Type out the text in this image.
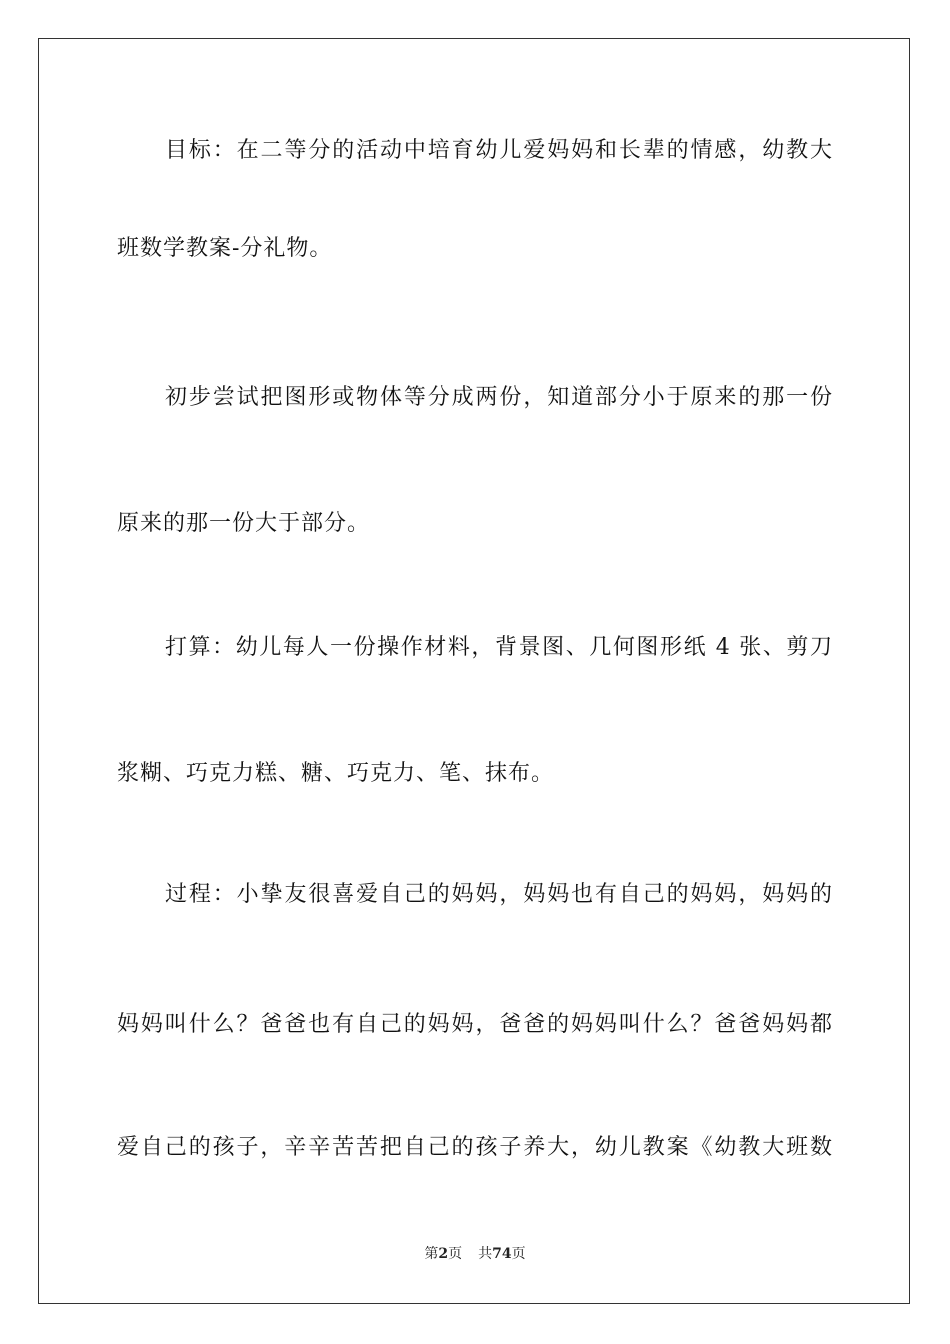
目标：在二等分的活动中培育幼儿爱妈妈和长辈的情感，幼教大
班数学教案-分礼物。
初步尝试把图形或物体等分成两份，知道部分小于原来的那一份
原来的那一份大于部分。
打算：幼儿每人一份操作材料，背景图、几何图形纸 4 张、剪刀
浆糊、巧克力糕、糖、巧克力、笔、抹布。
过程：小挚友很喜爱自己的妈妈，妈妈也有自己的妈妈，妈妈的
妈妈叫什么？爸爸也有自己的妈妈，爸爸的妈妈叫什么？爸爸妈妈都
爱自己的孩子，辛辛苦苦把自己的孩子养大，幼儿教案《幼教大班数
第2页 共74页
